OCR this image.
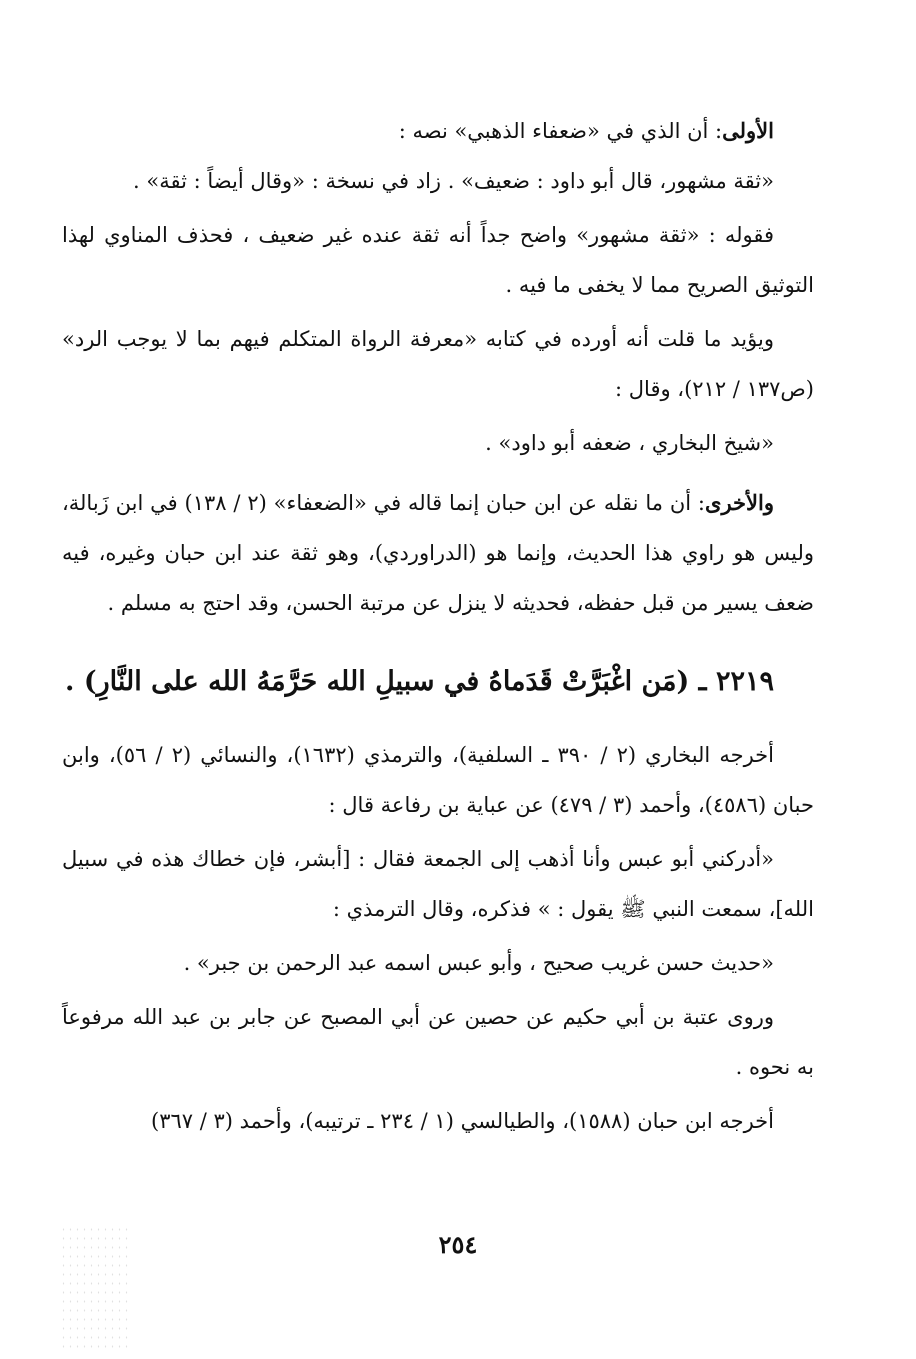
الأولى: أن الذي في «ضعفاء الذهبي» نصه :

«ثقة مشهور، قال أبو داود : ضعيف» . زاد في نسخة : «وقال أيضاً : ثقة» .

فقوله : «ثقة مشهور» واضح جداً أنه ثقة عنده غير ضعيف ، فحذف المناوي لهذا التوثيق الصريح مما لا يخفى ما فيه .

ويؤيد ما قلت أنه أورده في كتابه «معرفة الرواة المتكلم فيهم بما لا يوجب الرد» (ص١٣٧ / ٢١٢)، وقال :

«شيخ البخاري ، ضعفه أبو داود» .

والأخرى: أن ما نقله عن ابن حبان إنما قاله في «الضعفاء» (٢ / ١٣٨) في ابن زَبالة، وليس هو راوي هذا الحديث، وإنما هو (الدراوردي)، وهو ثقة عند ابن حبان وغيره، فيه ضعف يسير من قبل حفظه، فحديثه لا ينزل عن مرتبة الحسن، وقد احتج به مسلم .

٢٢١٩ ـ (مَن اغْبَرَّتْ قَدَماهُ في سبيلِ الله حَرَّمَهُ الله على النَّارِ) .

أخرجه البخاري (٢ / ٣٩٠ ـ السلفية)، والترمذي (١٦٣٢)، والنسائي (٢ / ٥٦)، وابن حبان (٤٥٨٦)، وأحمد (٣ / ٤٧٩) عن عباية بن رفاعة قال :

«أدركني أبو عبس وأنا أذهب إلى الجمعة فقال : [أبشر، فإن خطاك هذه في سبيل الله]، سمعت النبي ﷺ يقول : » فذكره، وقال الترمذي :

«حديث حسن غريب صحيح ، وأبو عبس اسمه عبد الرحمن بن جبر» .

وروى عتبة بن أبي حكيم عن حصين عن أبي المصبح عن جابر بن عبد الله مرفوعاً به نحوه .

أخرجه ابن حبان (١٥٨٨)، والطيالسي (١ / ٢٣٤ ـ ترتيبه)، وأحمد (٣ / ٣٦٧)

٢٥٤
